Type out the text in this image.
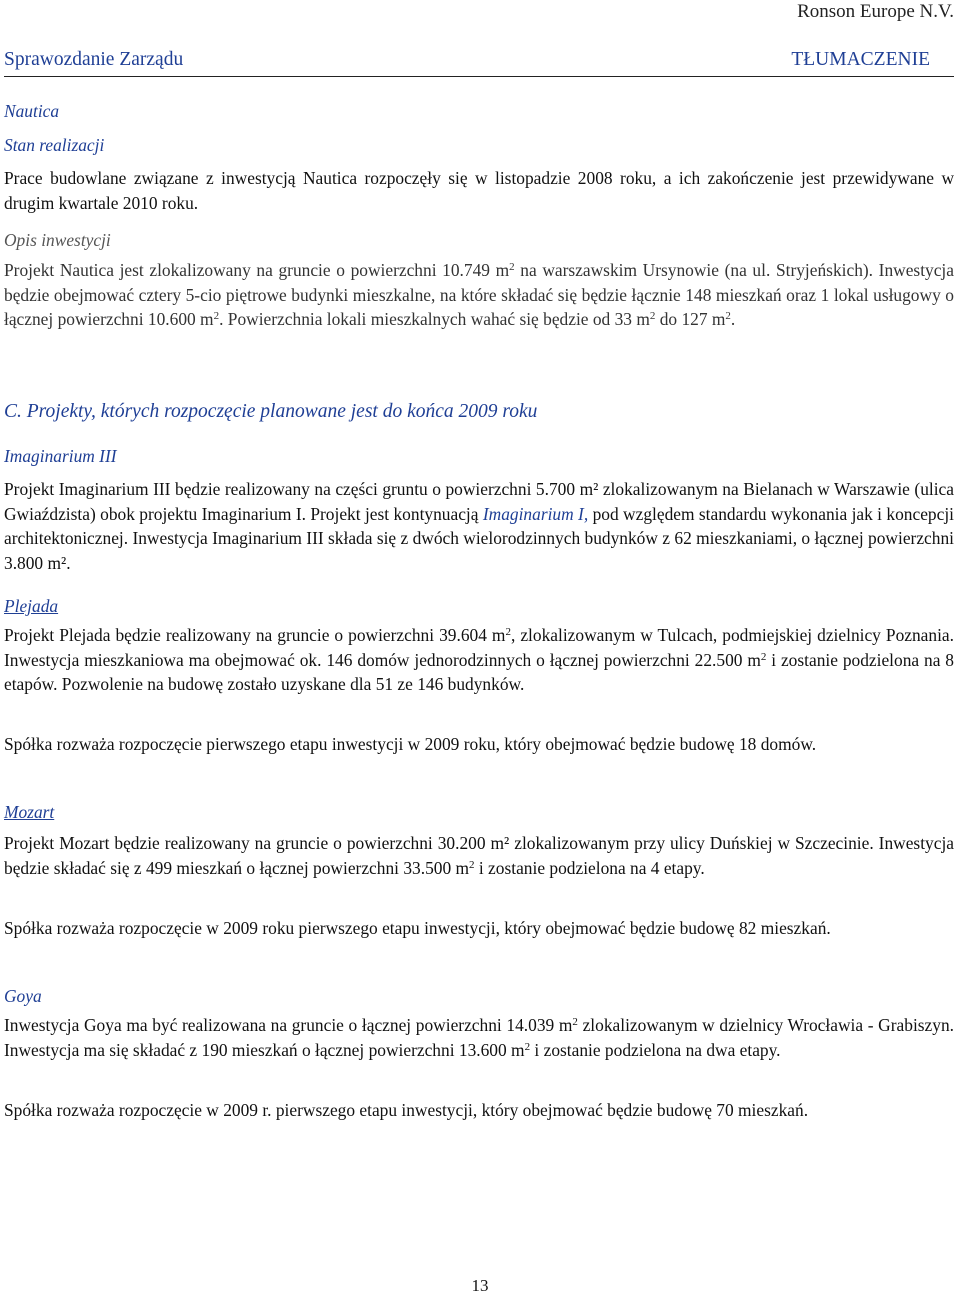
Ronson Europe N.V.
Sprawozdanie Zarządu	TŁUMACZENIE
Nautica
Stan realizacji

Prace budowlane związane z inwestycją Nautica rozpoczęły się w listopadzie 2008 roku, a ich zakończenie jest przewidywane w drugim kwartale 2010 roku.

Opis inwestycji

Projekt Nautica jest zlokalizowany na gruncie o powierzchni 10.749 $m^2$ na warszawskim Ursynowie (na ul. Stryjeńskich). Inwestycja będzie obejmować cztery 5-cio piętrowe budynki mieszkalne, na które składać się będzie łącznie 148 mieszkań oraz 1 lokal usługowy o łącznej powierzchni 10.600 $m^2$. Powierzchnia lokali mieszkalnych wahać się będzie od 33 $m^2$ do 127 $m^2$.

C. Projekty, których rozpoczęcie planowane jest do końca 2009 roku
Imaginarium III

Projekt Imaginarium III będzie realizowany na części gruntu o powierzchni 5.700 m² zlokalizowanym na Bielanach w Warszawie (ulica Gwiaździsta) obok projektu Imaginarium I. Projekt jest kontynuacją Imaginarium I, pod względem standardu wykonania jak i koncepcji architektonicznej. Inwestycja Imaginarium III składa się z dwóch wielorodzinnych budynków z 62 mieszkaniami, o łącznej powierzchni 3.800 m².

Plejada

Projekt Plejada będzie realizowany na gruncie o powierzchni 39.604 $m^2$, zlokalizowanym w Tulcach, podmiejskiej dzielnicy Poznania. Inwestycja mieszkaniowa ma obejmować ok. 146 domów jednorodzinnych o łącznej powierzchni 22.500 $m^2$ i zostanie podzielona na 8 etapów. Pozwolenie na budowę zostało uzyskane dla 51 ze 146 budynków.

Spółka rozważa rozpoczęcie pierwszego etapu inwestycji w 2009 roku, który obejmować będzie budowę 18 domów.

Mozart

Projekt Mozart będzie realizowany na gruncie o powierzchni 30.200 m² zlokalizowanym przy ulicy Duńskiej w Szczecinie. Inwestycja będzie składać się z 499 mieszkań o łącznej powierzchni 33.500 $m^2$ i zostanie podzielona na 4 etapy.

Spółka rozważa rozpoczęcie w 2009 roku pierwszego etapu inwestycji, który obejmować będzie budowę 82 mieszkań.

Goya

Inwestycja Goya ma być realizowana na gruncie o łącznej powierzchni 14.039 $m^2$ zlokalizowanym w dzielnicy Wrocławia - Grabiszyn. Inwestycja ma się składać z 190 mieszkań o łącznej powierzchni 13.600 $m^2$ i zostanie podzielona na dwa etapy.

Spółka rozważa rozpoczęcie w 2009 r. pierwszego etapu inwestycji, który obejmować będzie budowę 70 mieszkań.

13
